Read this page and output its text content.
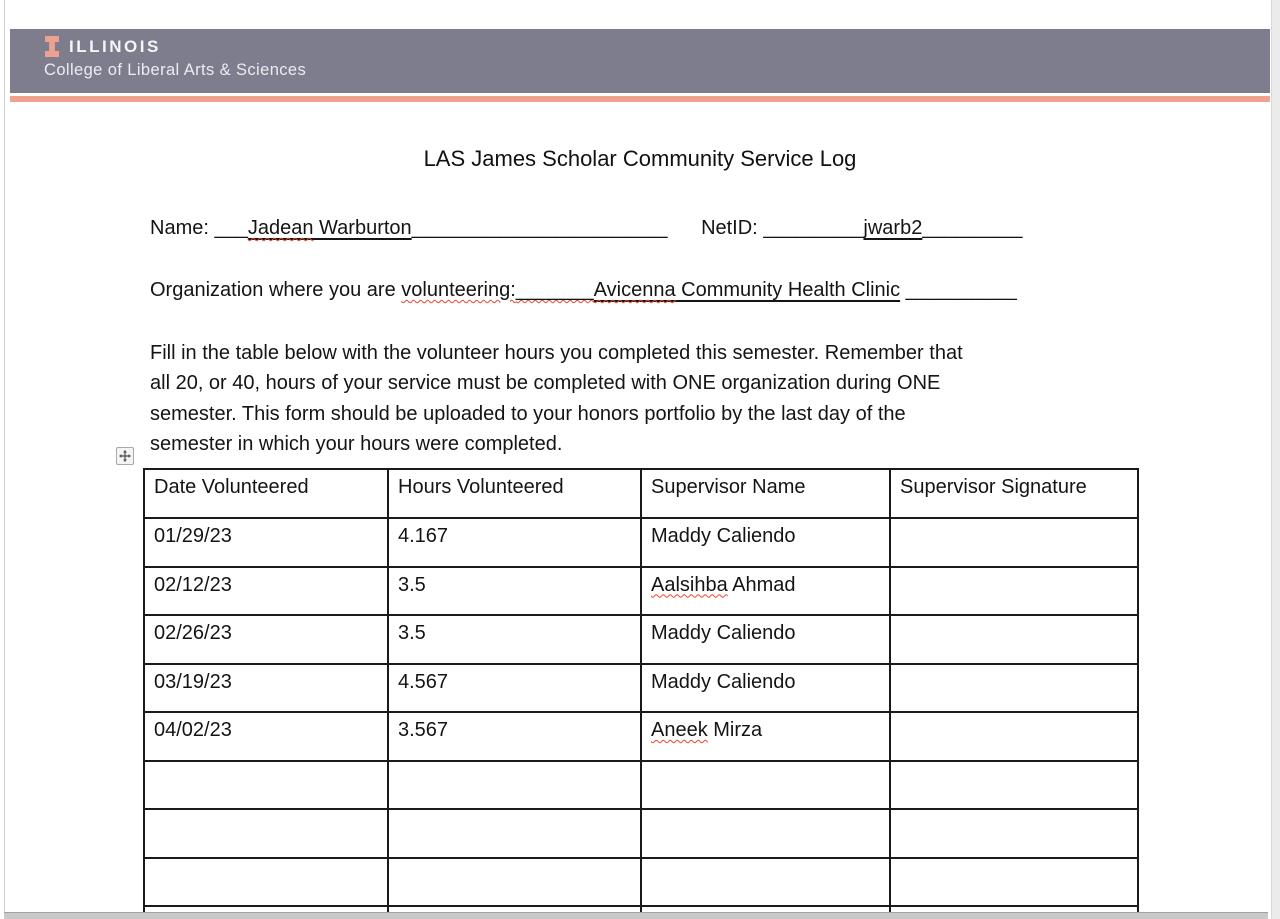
ILLINOIS
College of Liberal Arts & Sciences
LAS James Scholar Community Service Log
Name: ___Jadean Warburton_______________________ NetID: _________jwarb2_________
Organization where you are volunteering:_______Avicenna Community Health Clinic __________
Fill in the table below with the volunteer hours you completed this semester. Remember that
all 20, or 40, hours of your service must be completed with ONE organization during ONE
semester. This form should be uploaded to your honors portfolio by the last day of the
semester in which your hours were completed.
Date Volunteered	Hours Volunteered	Supervisor Name	Supervisor Signature
01/29/23	4.167	Maddy Caliendo	
02/12/23	3.5	Aalsihba Ahmad	
02/26/23	3.5	Maddy Caliendo	
03/19/23	4.567	Maddy Caliendo	
04/02/23	3.567	Aneek Mirza	
